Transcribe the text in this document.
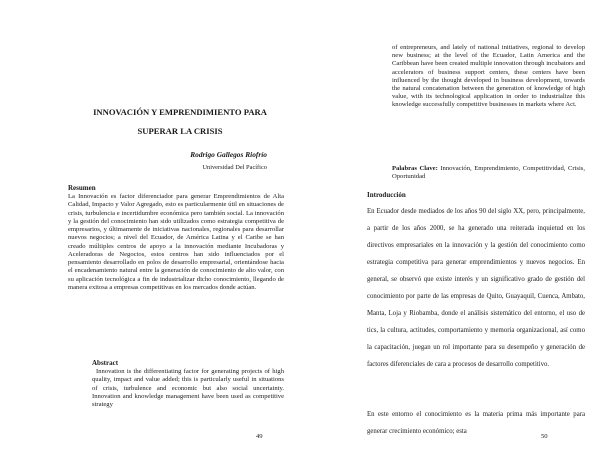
INNOVACIÓN Y EMPRENDIMIENTO PARA SUPERAR LA CRISIS
Rodrigo Gallegos Riofrío
Universidad Del Pacífico
Resumen

La Innovación es factor diferenciador para generar Emprendimientos de Alta Calidad, Impacto y Valor Agregado, esto es particularmente útil en situaciones de crisis, turbulencia e incertidumbre económica pero también social. La innovación y la gestión del conocimiento han sido utilizados como estrategia competitiva de empresarios, y últimamente de iniciativas nacionales, regionales para desarrollar nuevos negocios; a nivel del Ecuador, de América Latina y el Caribe se han creado múltiples centros de apoyo a la innovación mediante Incubadoras y Aceleradoras de Negocios, estos centros han sido influenciados por el pensamiento desarrollado en polos de desarrollo empresarial, orientándose hacia el encadenamiento natural entre la generación de conocimiento de alto valor, con su aplicación tecnológica a fin de industrializar dicho conocimiento, llegando de manera exitosa a empresas competitivas en los mercados donde actúan.

Abstract

Innovation is the differentiating factor for generating projects of high quality, impact and value added; this is particularly useful in situations of crisis, turbulence and economic but also social uncertainty. Innovation and knowledge management have been used as competitive strategy

49

of entrepreneurs, and lately of national initiatives, regional to develop new business; at the level of the Ecuador, Latin America and the Caribbean have been created multiple innovation through incubators and accelerators of business support centers, these centers have been influenced by the thought developed in business development, towards the natural concatenation between the generation of knowledge of high value, with its technological application in order to industrialize this knowledge successfully competitive businesses in markets where Act.

Palabras Clave: Innovación, Emprendimiento, Competitividad, Crisis, Oportunidad

Introducción

En Ecuador desde mediados de los años 90 del siglo XX, pero, principalmente, a partir de los años 2000, se ha generado una reiterada inquietud en los directivos empresariales en la innovación y la gestión del conocimiento como estrategia competitiva para generar emprendimientos y nuevos negocios. En general, se observó que existe interés y un significativo grado de gestión del conocimiento por parte de las empresas de Quito, Guayaquil, Cuenca, Ambato, Manta, Loja y Riobamba, donde el análisis sistemático del entorno, el uso de tics, la cultura, actitudes, comportamiento y memoria organizacional, así como la capacitación, juegan un rol importante para su desempeño y generación de factores diferenciales de cara a procesos de desarrollo competitivo.

En este entorno el conocimiento es la materia prima más importante para generar crecimiento económico; esta

50
